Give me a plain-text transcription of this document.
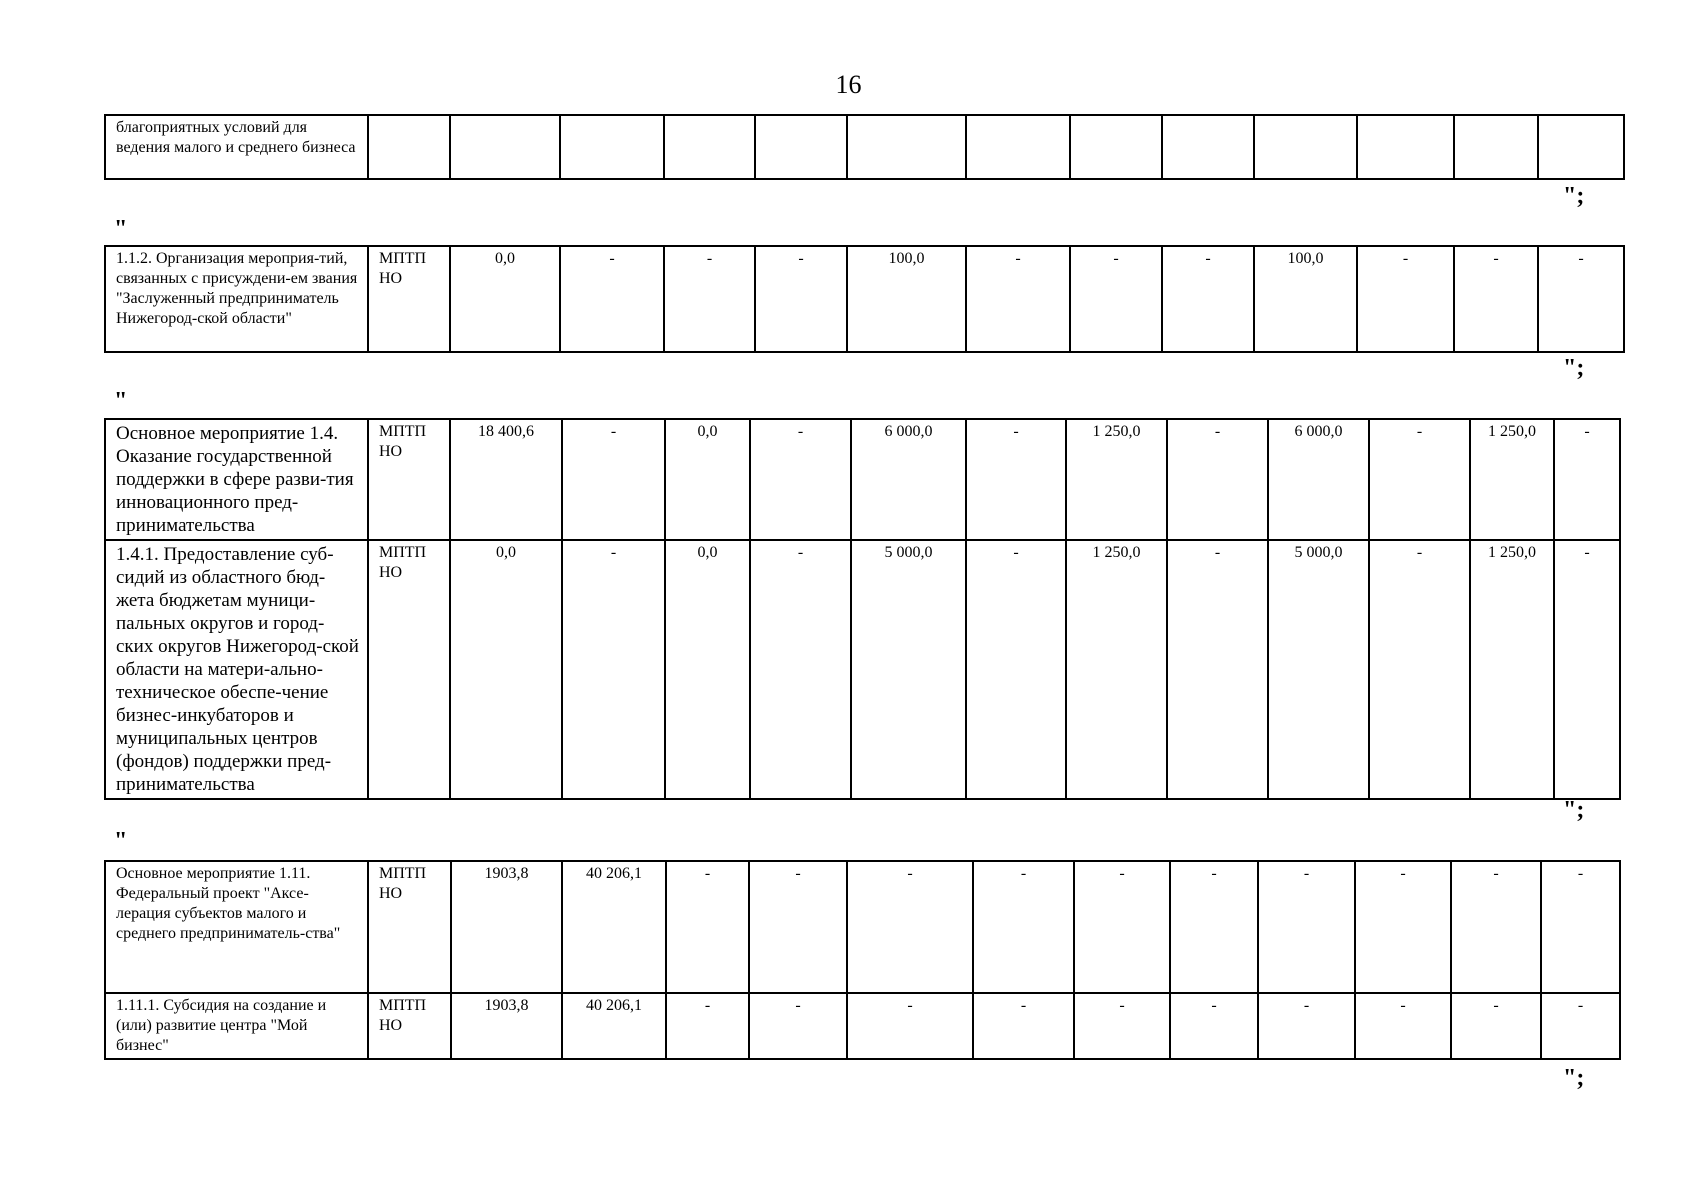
16
благоприятных условий для ведения малого и среднего бизнеса													
";
"
1.1.2. Организация мероприя-тий, связанных с присуждени-ем звания "Заслуженный предприниматель Нижегород-ской области"	МПТП НО	0,0	-	-	-	100,0	-	-	-	100,0	-	-	-
";
"
Основное мероприятие 1.4. Оказание государственной поддержки в сфере разви-тия инновационного пред-принимательства	МПТП НО	18 400,6	-	0,0	-	6 000,0	-	1 250,0	-	6 000,0	-	1 250,0	-
1.4.1. Предоставление суб-сидий из областного бюд-жета бюджетам муници-пальных округов и город-ских округов Нижегород-ской области на матери-ально-техническое обеспе-чение бизнес-инкубаторов и муниципальных центров (фондов) поддержки пред-принимательства	МПТП НО	0,0	-	0,0	-	5 000,0	-	1 250,0	-	5 000,0	-	1 250,0	-
";
"
Основное мероприятие 1.11. Федеральный проект "Аксе-лерация субъектов малого и среднего предприниматель-ства"	МПТП НО	1903,8	40 206,1	-	-	-	-	-	-	-	-	-	-
1.11.1. Субсидия на создание и (или) развитие центра "Мой бизнес"	МПТП НО	1903,8	40 206,1	-	-	-	-	-	-	-	-	-	-
";
